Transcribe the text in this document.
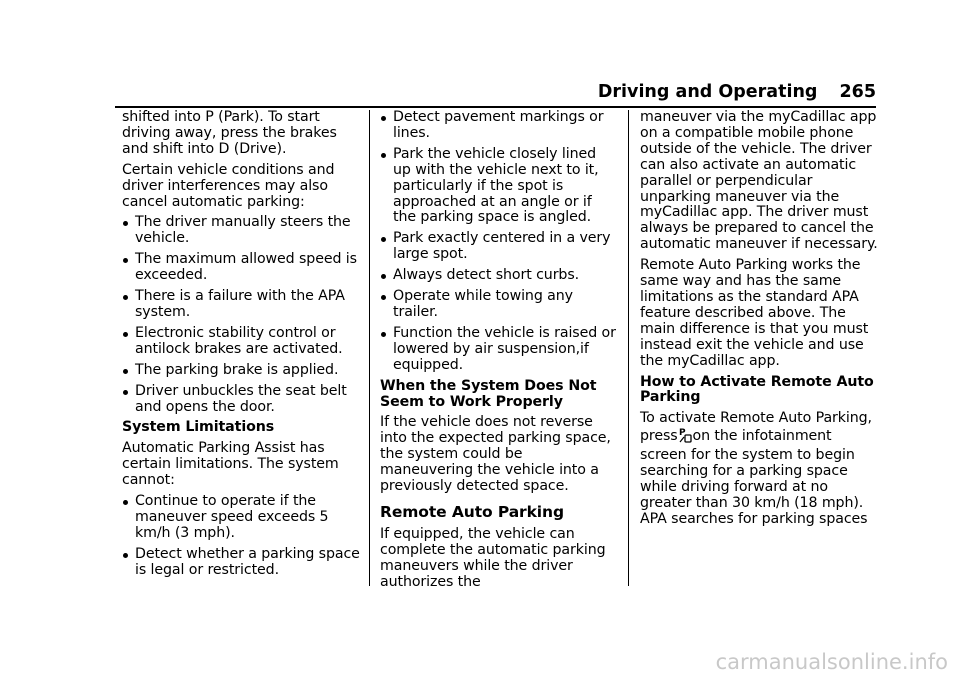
Driving and Operating 265

shifted into P (Park). To start driving away, press the brakes and shift into D (Drive).

Certain vehicle conditions and driver interferences may also cancel automatic parking:

The driver manually steers the vehicle.
The maximum allowed speed is exceeded.
There is a failure with the APA system.
Electronic stability control or antilock brakes are activated.
The parking brake is applied.
Driver unbuckles the seat belt and opens the door.
System Limitations

Automatic Parking Assist has certain limitations. The system cannot:

Continue to operate if the maneuver speed exceeds 5 km/h (3 mph).
Detect whether a parking space is legal or restricted.
Detect pavement markings or lines.
Park the vehicle closely lined up with the vehicle next to it, particularly if the spot is approached at an angle or if the parking space is angled.
Park exactly centered in a very large spot.
Always detect short curbs.
Operate while towing any trailer.
Function the vehicle is raised or lowered by air suspension,if equipped.
When the System Does Not Seem to Work Properly

If the vehicle does not reverse into the expected parking space, the system could be maneuvering the vehicle into a previously detected space.

Remote Auto Parking

If equipped, the vehicle can complete the automatic parking maneuvers while the driver authorizes the

maneuver via the myCadillac app on a compatible mobile phone outside of the vehicle. The driver can also activate an automatic parallel or perpendicular unparking maneuver via the myCadillac app. The driver must always be prepared to cancel the automatic maneuver if necessary.

Remote Auto Parking works the same way and has the same limitations as the standard APA feature described above. The main difference is that you must instead exit the vehicle and use the myCadillac app.

How to Activate Remote Auto Parking

To activate Remote Auto Parking, press P on the infotainment screen for the system to begin searching for a parking space while driving forward at no greater than 30 km/h (18 mph). APA searches for parking spaces

carmanualsonline.info
